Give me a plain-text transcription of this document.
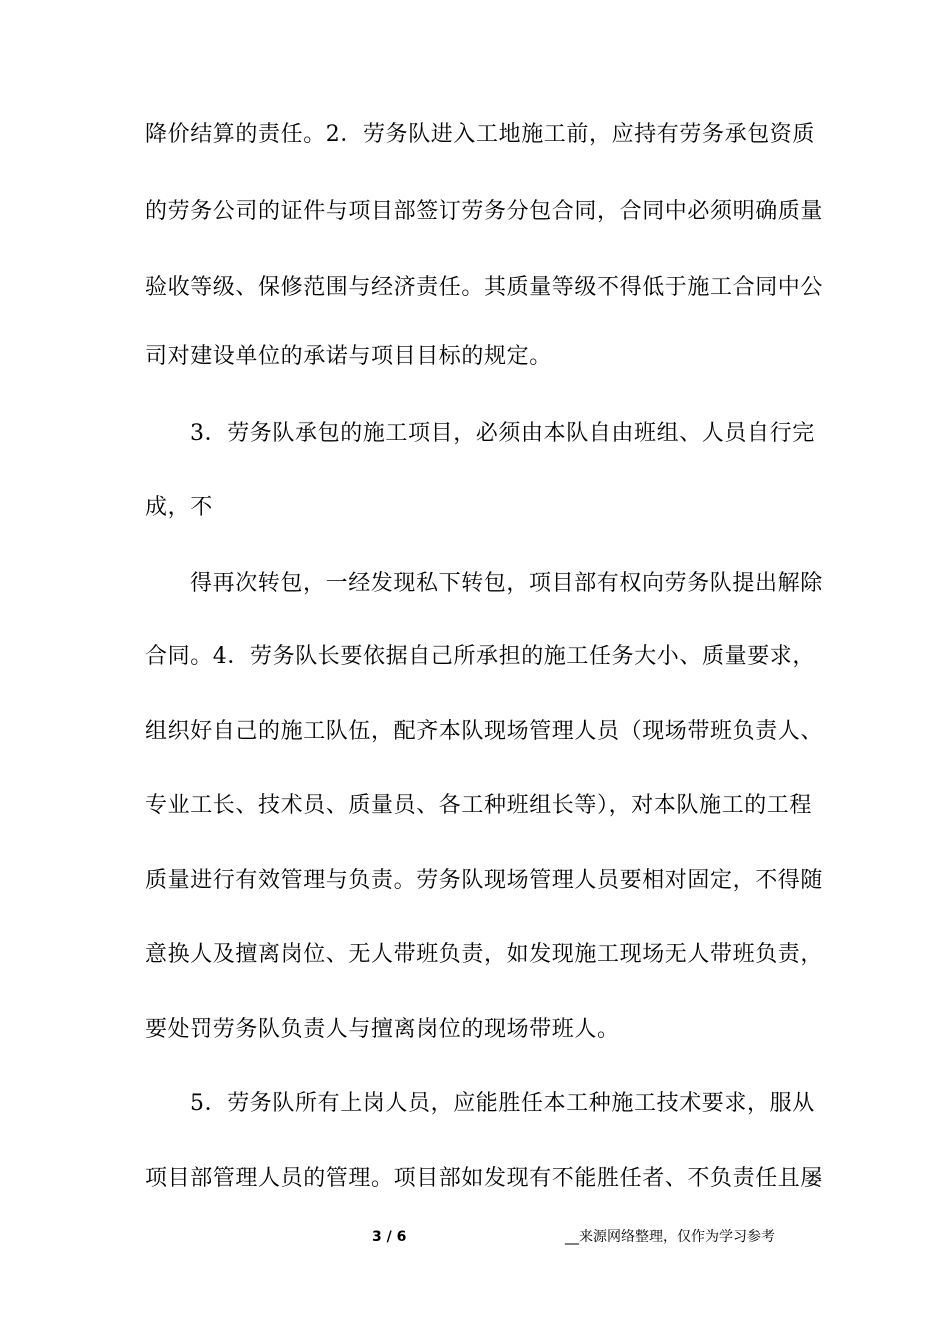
降价结算的责任。2．劳务队进入工地施工前，应持有劳务承包资质
的劳务公司的证件与项目部签订劳务分包合同，合同中必须明确质量
验收等级、保修范围与经济责任。其质量等级不得低于施工合同中公
司对建设单位的承诺与项目目标的规定。
3．劳务队承包的施工项目，必须由本队自由班组、人员自行完
成，不
得再次转包，一经发现私下转包，项目部有权向劳务队提出解除
合同。4．劳务队长要依据自己所承担的施工任务大小、质量要求，
组织好自己的施工队伍，配齐本队现场管理人员（现场带班负责人、
专业工长、技术员、质量员、各工种班组长等），对本队施工的工程
质量进行有效管理与负责。劳务队现场管理人员要相对固定，不得随
意换人及擅离岗位、无人带班负责，如发现施工现场无人带班负责，
要处罚劳务队负责人与擅离岗位的现场带班人。
5．劳务队所有上岗人员，应能胜任本工种施工技术要求，服从
项目部管理人员的管理。项目部如发现有不能胜任者、不负责任且屡
3 / 6	__来源网络整理，仅作为学习参考
